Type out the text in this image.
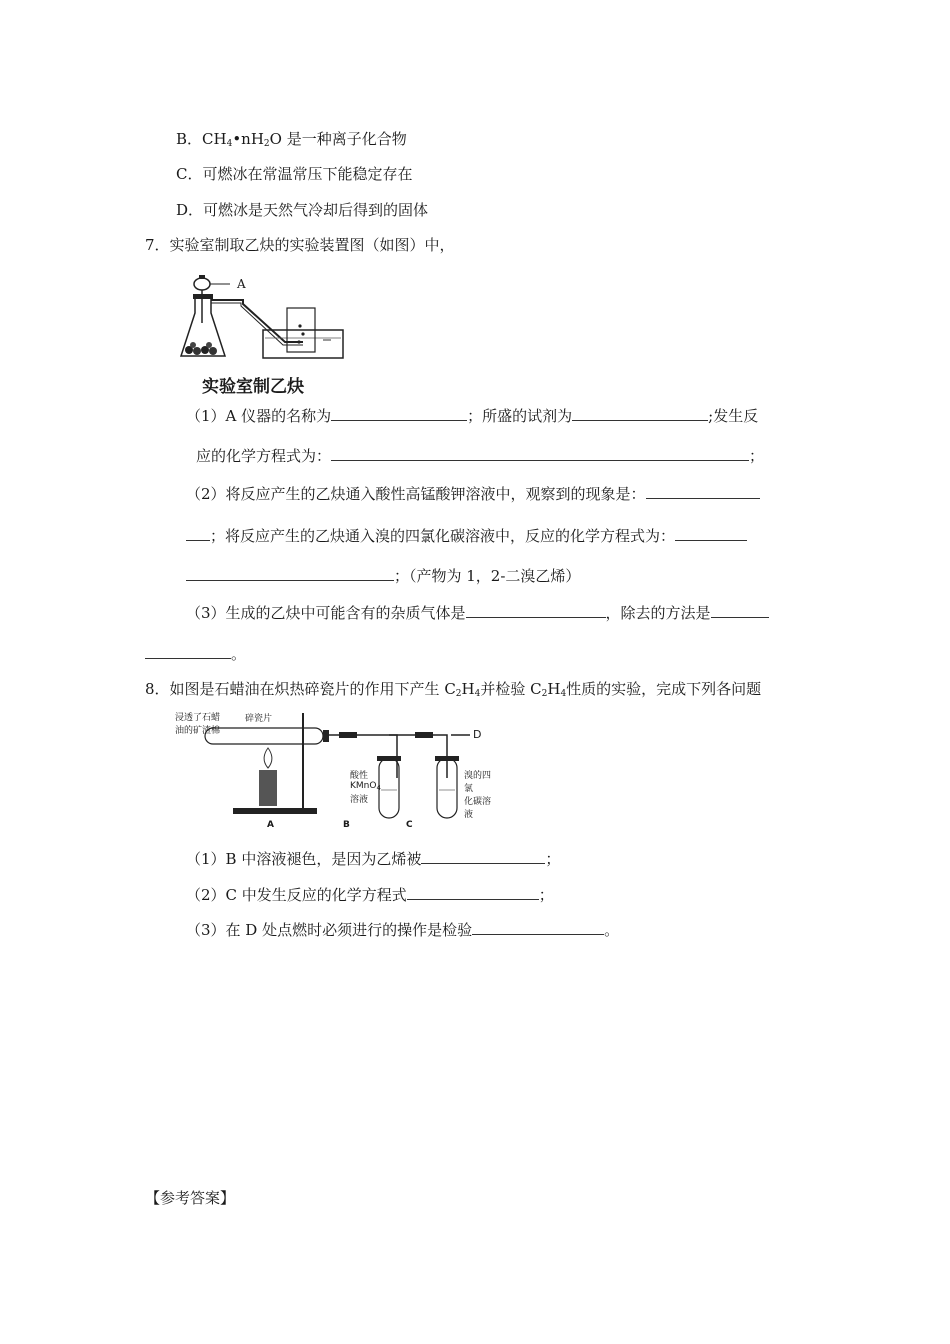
B．$CH_4•nH_2O$ 是一种离子化合物
C．可燃冰在常温常压下能稳定存在
D．可燃冰是天然气冷却后得到的固体
7．实验室制取乙炔的实验装置图（如图）中，
A
实验室制乙炔
（1）A 仪器的名称为	；所盛的试剂为	;发生反
应的化学方程式为：	；
（2）将反应产生的乙炔通入酸性高锰酸钾溶液中，观察到的现象是：
；将反应产生的乙炔通入溴的四氯化碳溶液中，反应的化学方程式为：
；（产物为 1，2-二溴乙烯）
（3）生成的乙炔中可能含有的杂质气体是	，除去的方法是
。
8．如图是石蜡油在炽热碎瓷片的作用下产生 $C_2H_4$并检验 $C_2H_4$性质的实验，完成下列各问题
浸透了石蜡
油的矿渣棉
碎瓷片
D
酸性
KMnO$_4$
溶液
溴的四氯
化碳溶液
A	B	C
（1）B 中溶液褪色，是因为乙烯被	；
（2）C 中发生反应的化学方程式	；
（3）在 D 处点燃时必须进行的操作是检验	。
【参考答案】
